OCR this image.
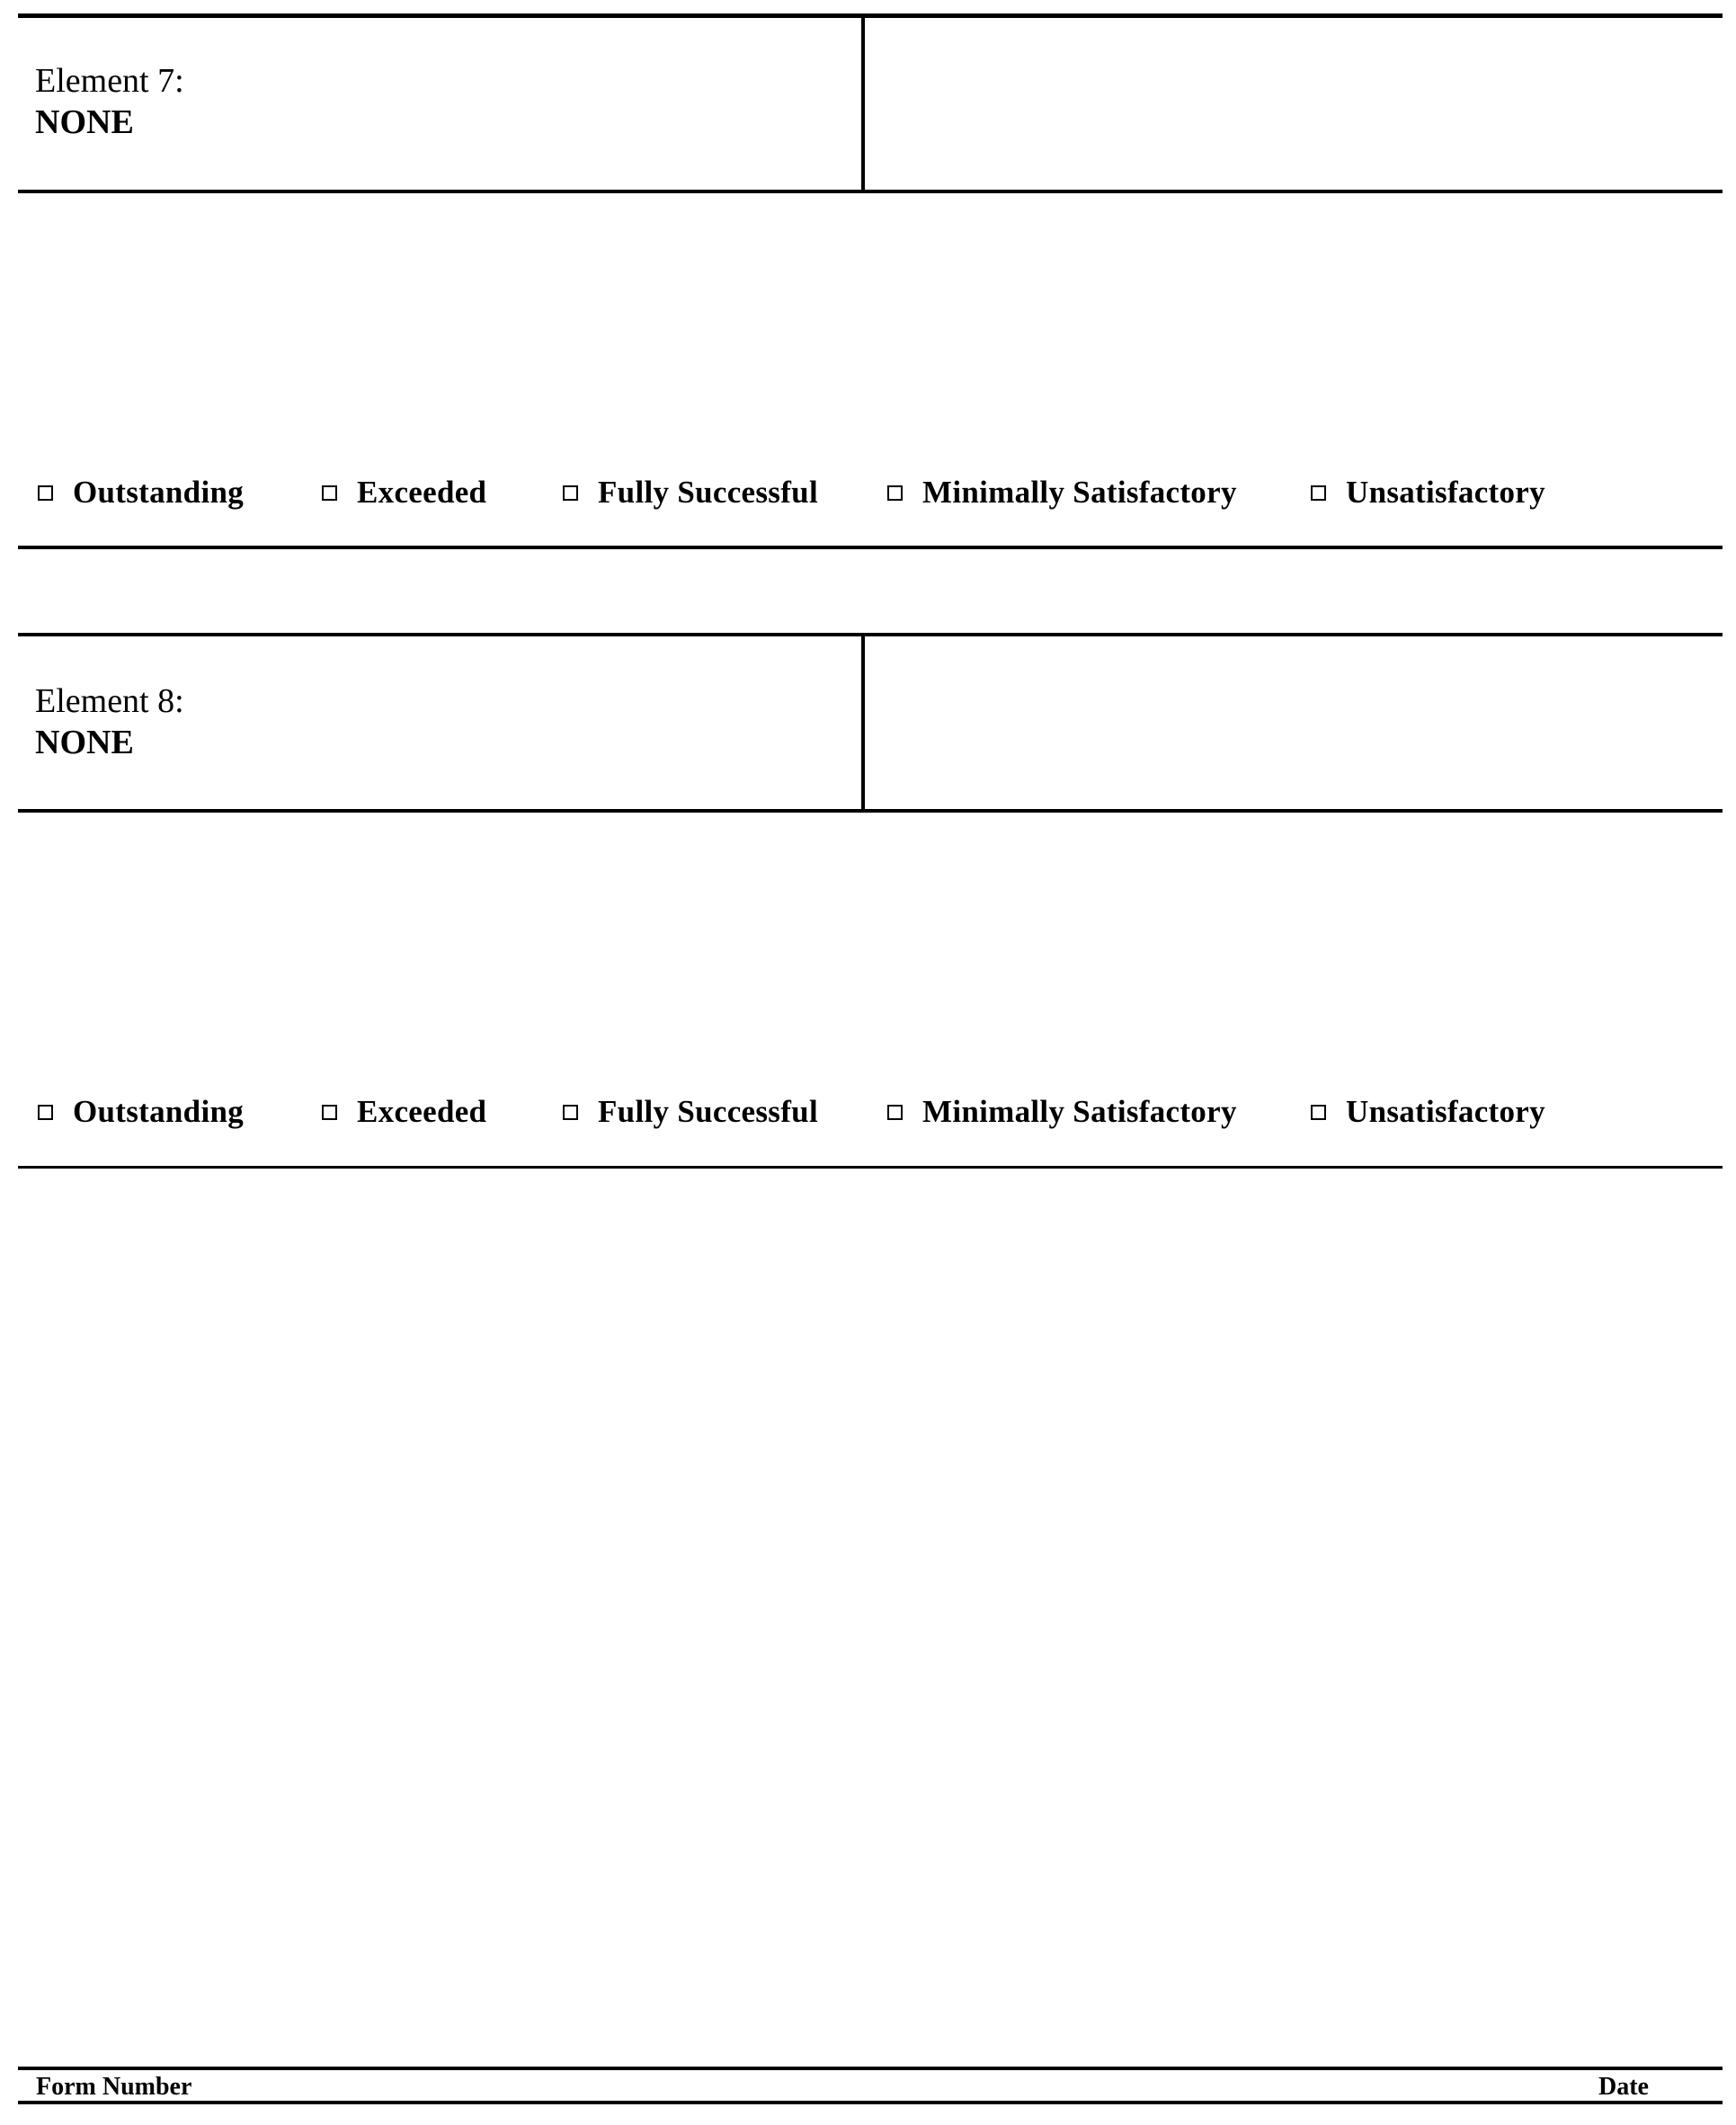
Element 7:
NONE
Outstanding	Exceeded	Fully Successful	Minimally Satisfactory	Unsatisfactory
Element 8:
NONE
Outstanding	Exceeded	Fully Successful	Minimally Satisfactory	Unsatisfactory
Form Number	Date
